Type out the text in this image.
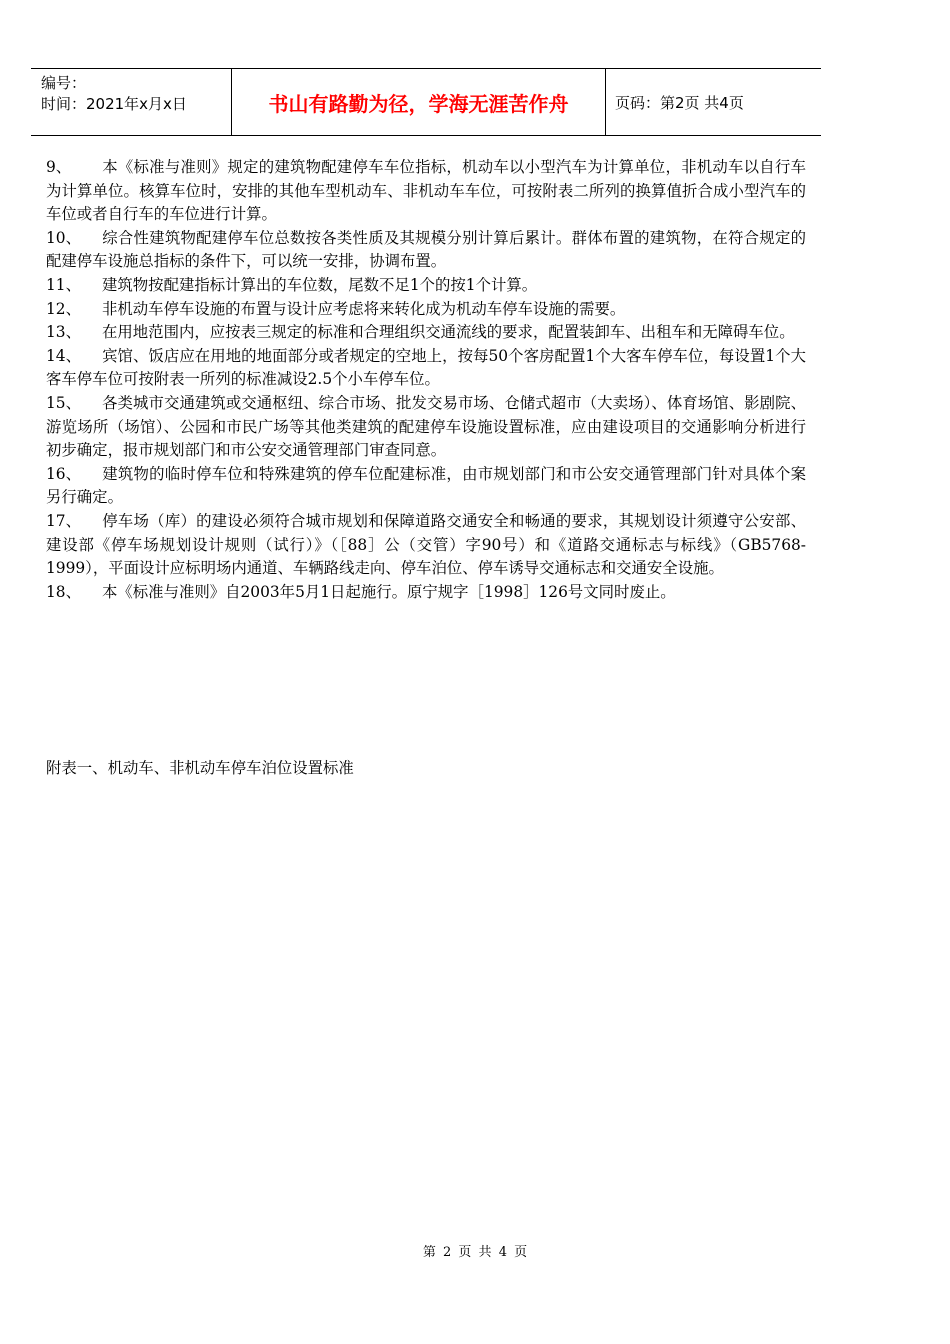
编号：
时间：2021年x月x日	书山有路勤为径，学海无涯苦作舟	页码：第2页 共4页

9、 本《标准与准则》规定的建筑物配建停车车位指标，机动车以小型汽车为计算单位，非机动车以自行车为计算单位。核算车位时，安排的其他车型机动车、非机动车车位，可按附表二所列的换算值折合成小型汽车的车位或者自行车的车位进行计算。

10、 综合性建筑物配建停车位总数按各类性质及其规模分别计算后累计。群体布置的建筑物，在符合规定的配建停车设施总指标的条件下，可以统一安排，协调布置。

11、 建筑物按配建指标计算出的车位数，尾数不足1个的按1个计算。

12、 非机动车停车设施的布置与设计应考虑将来转化成为机动车停车设施的需要。

13、 在用地范围内，应按表三规定的标准和合理组织交通流线的要求，配置装卸车、出租车和无障碍车位。

14、 宾馆、饭店应在用地的地面部分或者规定的空地上，按每50个客房配置1个大客车停车位，每设置1个大客车停车位可按附表一所列的标准减设2.5个小车停车位。

15、 各类城市交通建筑或交通枢纽、综合市场、批发交易市场、仓储式超市（大卖场）、体育场馆、影剧院、游览场所（场馆）、公园和市民广场等其他类建筑的配建停车设施设置标准，应由建设项目的交通影响分析进行初步确定，报市规划部门和市公安交通管理部门审查同意。

16、 建筑物的临时停车位和特殊建筑的停车位配建标准，由市规划部门和市公安交通管理部门针对具体个案另行确定。

17、 停车场（库）的建设必须符合城市规划和保障道路交通安全和畅通的要求，其规划设计须遵守公安部、建设部《停车场规划设计规则（试行）》（［88］公（交管）字90号）和《道路交通标志与标线》（GB5768-1999），平面设计应标明场内通道、车辆路线走向、停车泊位、停车诱导交通标志和交通安全设施。

18、 本《标准与准则》自2003年5月1日起施行。原宁规字［1998］126号文同时废止。

附表一、机动车、非机动车停车泊位设置标准
第 2 页 共 4 页
